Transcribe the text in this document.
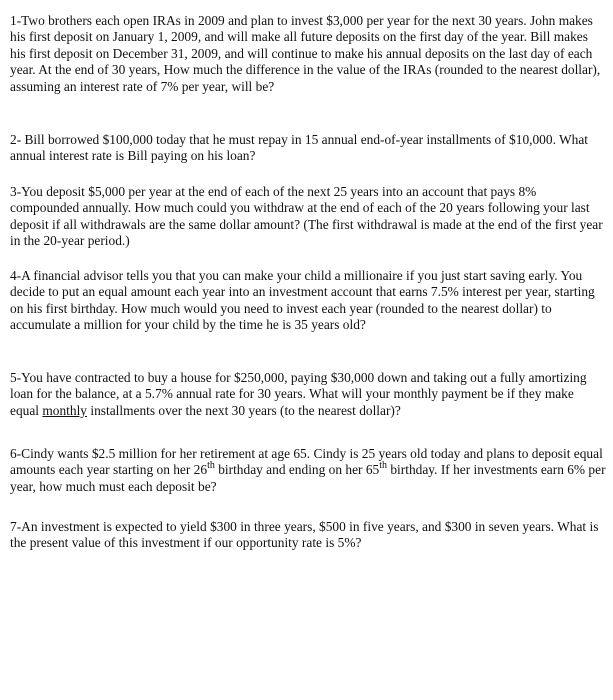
1-Two brothers each open IRAs in 2009 and plan to invest $3,000 per year for the next 30 years. John makes his first deposit on January 1, 2009, and will make all future deposits on the first day of the year. Bill makes his first deposit on December 31, 2009, and will continue to make his annual deposits on the last day of each year. At the end of 30 years, How much the difference in the value of the IRAs (rounded to the nearest dollar), assuming an interest rate of 7% per year, will be?

2- Bill borrowed $100,000 today that he must repay in 15 annual end-of-year installments of $10,000. What annual interest rate is Bill paying on his loan?

3-You deposit $5,000 per year at the end of each of the next 25 years into an account that pays 8% compounded annually. How much could you withdraw at the end of each of the 20 years following your last deposit if all withdrawals are the same dollar amount? (The first withdrawal is made at the end of the first year in the 20-year period.)

4-A financial advisor tells you that you can make your child a millionaire if you just start saving early. You decide to put an equal amount each year into an investment account that earns 7.5% interest per year, starting on his first birthday. How much would you need to invest each year (rounded to the nearest dollar) to accumulate a million for your child by the time he is 35 years old?

5-You have contracted to buy a house for $250,000, paying $30,000 down and taking out a fully amortizing loan for the balance, at a 5.7% annual rate for 30 years. What will your monthly payment be if they make equal monthly installments over the next 30 years (to the nearest dollar)?

6-Cindy wants $2.5 million for her retirement at age 65. Cindy is 25 years old today and plans to deposit equal amounts each year starting on her 26th birthday and ending on her 65th birthday. If her investments earn 6% per year, how much must each deposit be?

7-An investment is expected to yield $300 in three years, $500 in five years, and $300 in seven years. What is the present value of this investment if our opportunity rate is 5%?
